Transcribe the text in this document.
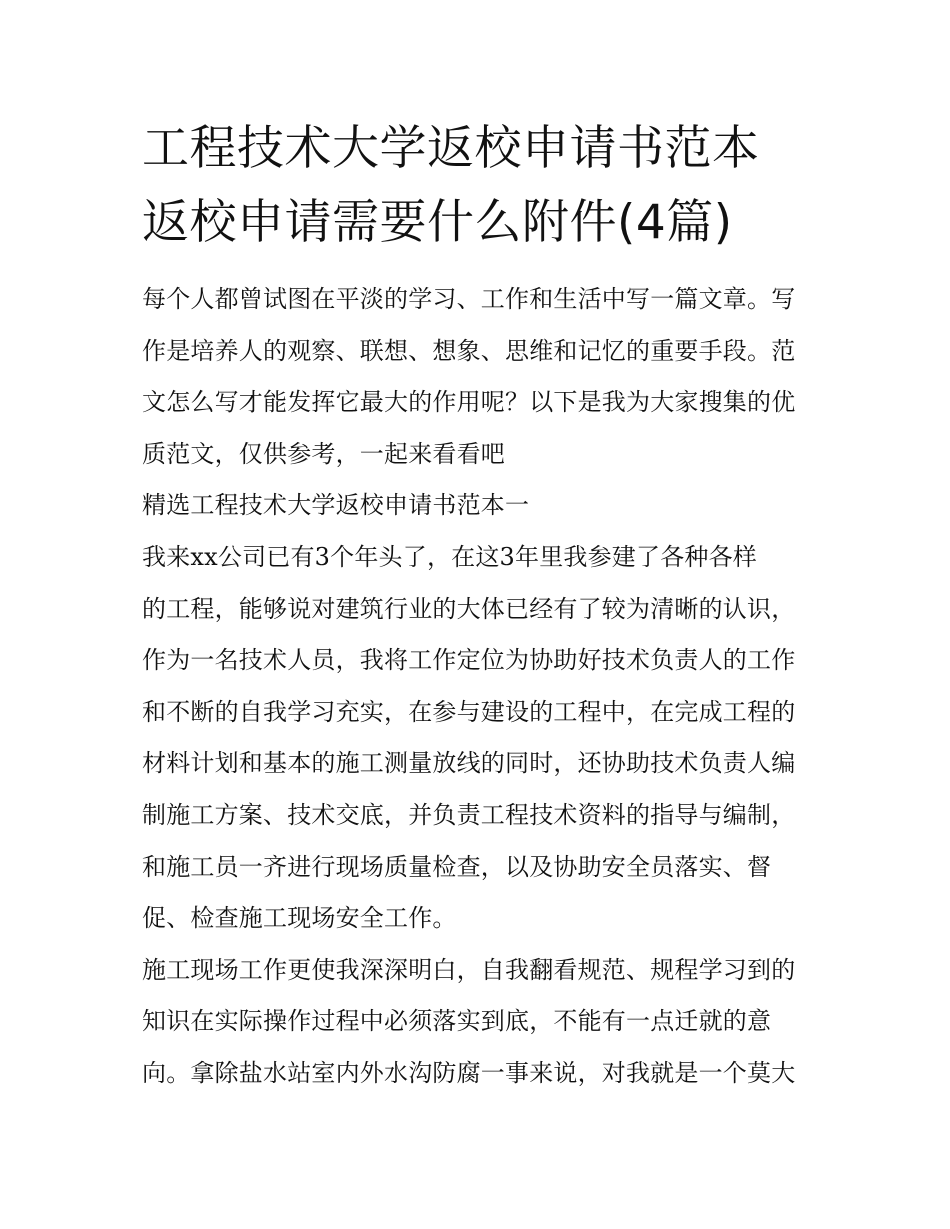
工程技术大学返校申请书范本
返校申请需要什么附件(4篇)
每个人都曾试图在平淡的学习、工作和生活中写一篇文章。写
作是培养人的观察、联想、想象、思维和记忆的重要手段。范
文怎么写才能发挥它最大的作用呢？以下是我为大家搜集的优
质范文，仅供参考，一起来看看吧
精选工程技术大学返校申请书范本一
我来xx公司已有3个年头了，在这3年里我参建了各种各样
的工程，能够说对建筑行业的大体已经有了较为清晰的认识，
作为一名技术人员，我将工作定位为协助好技术负责人的工作
和不断的自我学习充实，在参与建设的工程中，在完成工程的
材料计划和基本的施工测量放线的同时，还协助技术负责人编
制施工方案、技术交底，并负责工程技术资料的指导与编制，
和施工员一齐进行现场质量检查，以及协助安全员落实、督
促、检查施工现场安全工作。
施工现场工作更使我深深明白，自我翻看规范、规程学习到的
知识在实际操作过程中必须落实到底，不能有一点迁就的意
向。拿除盐水站室内外水沟防腐一事来说，对我就是一个莫大
